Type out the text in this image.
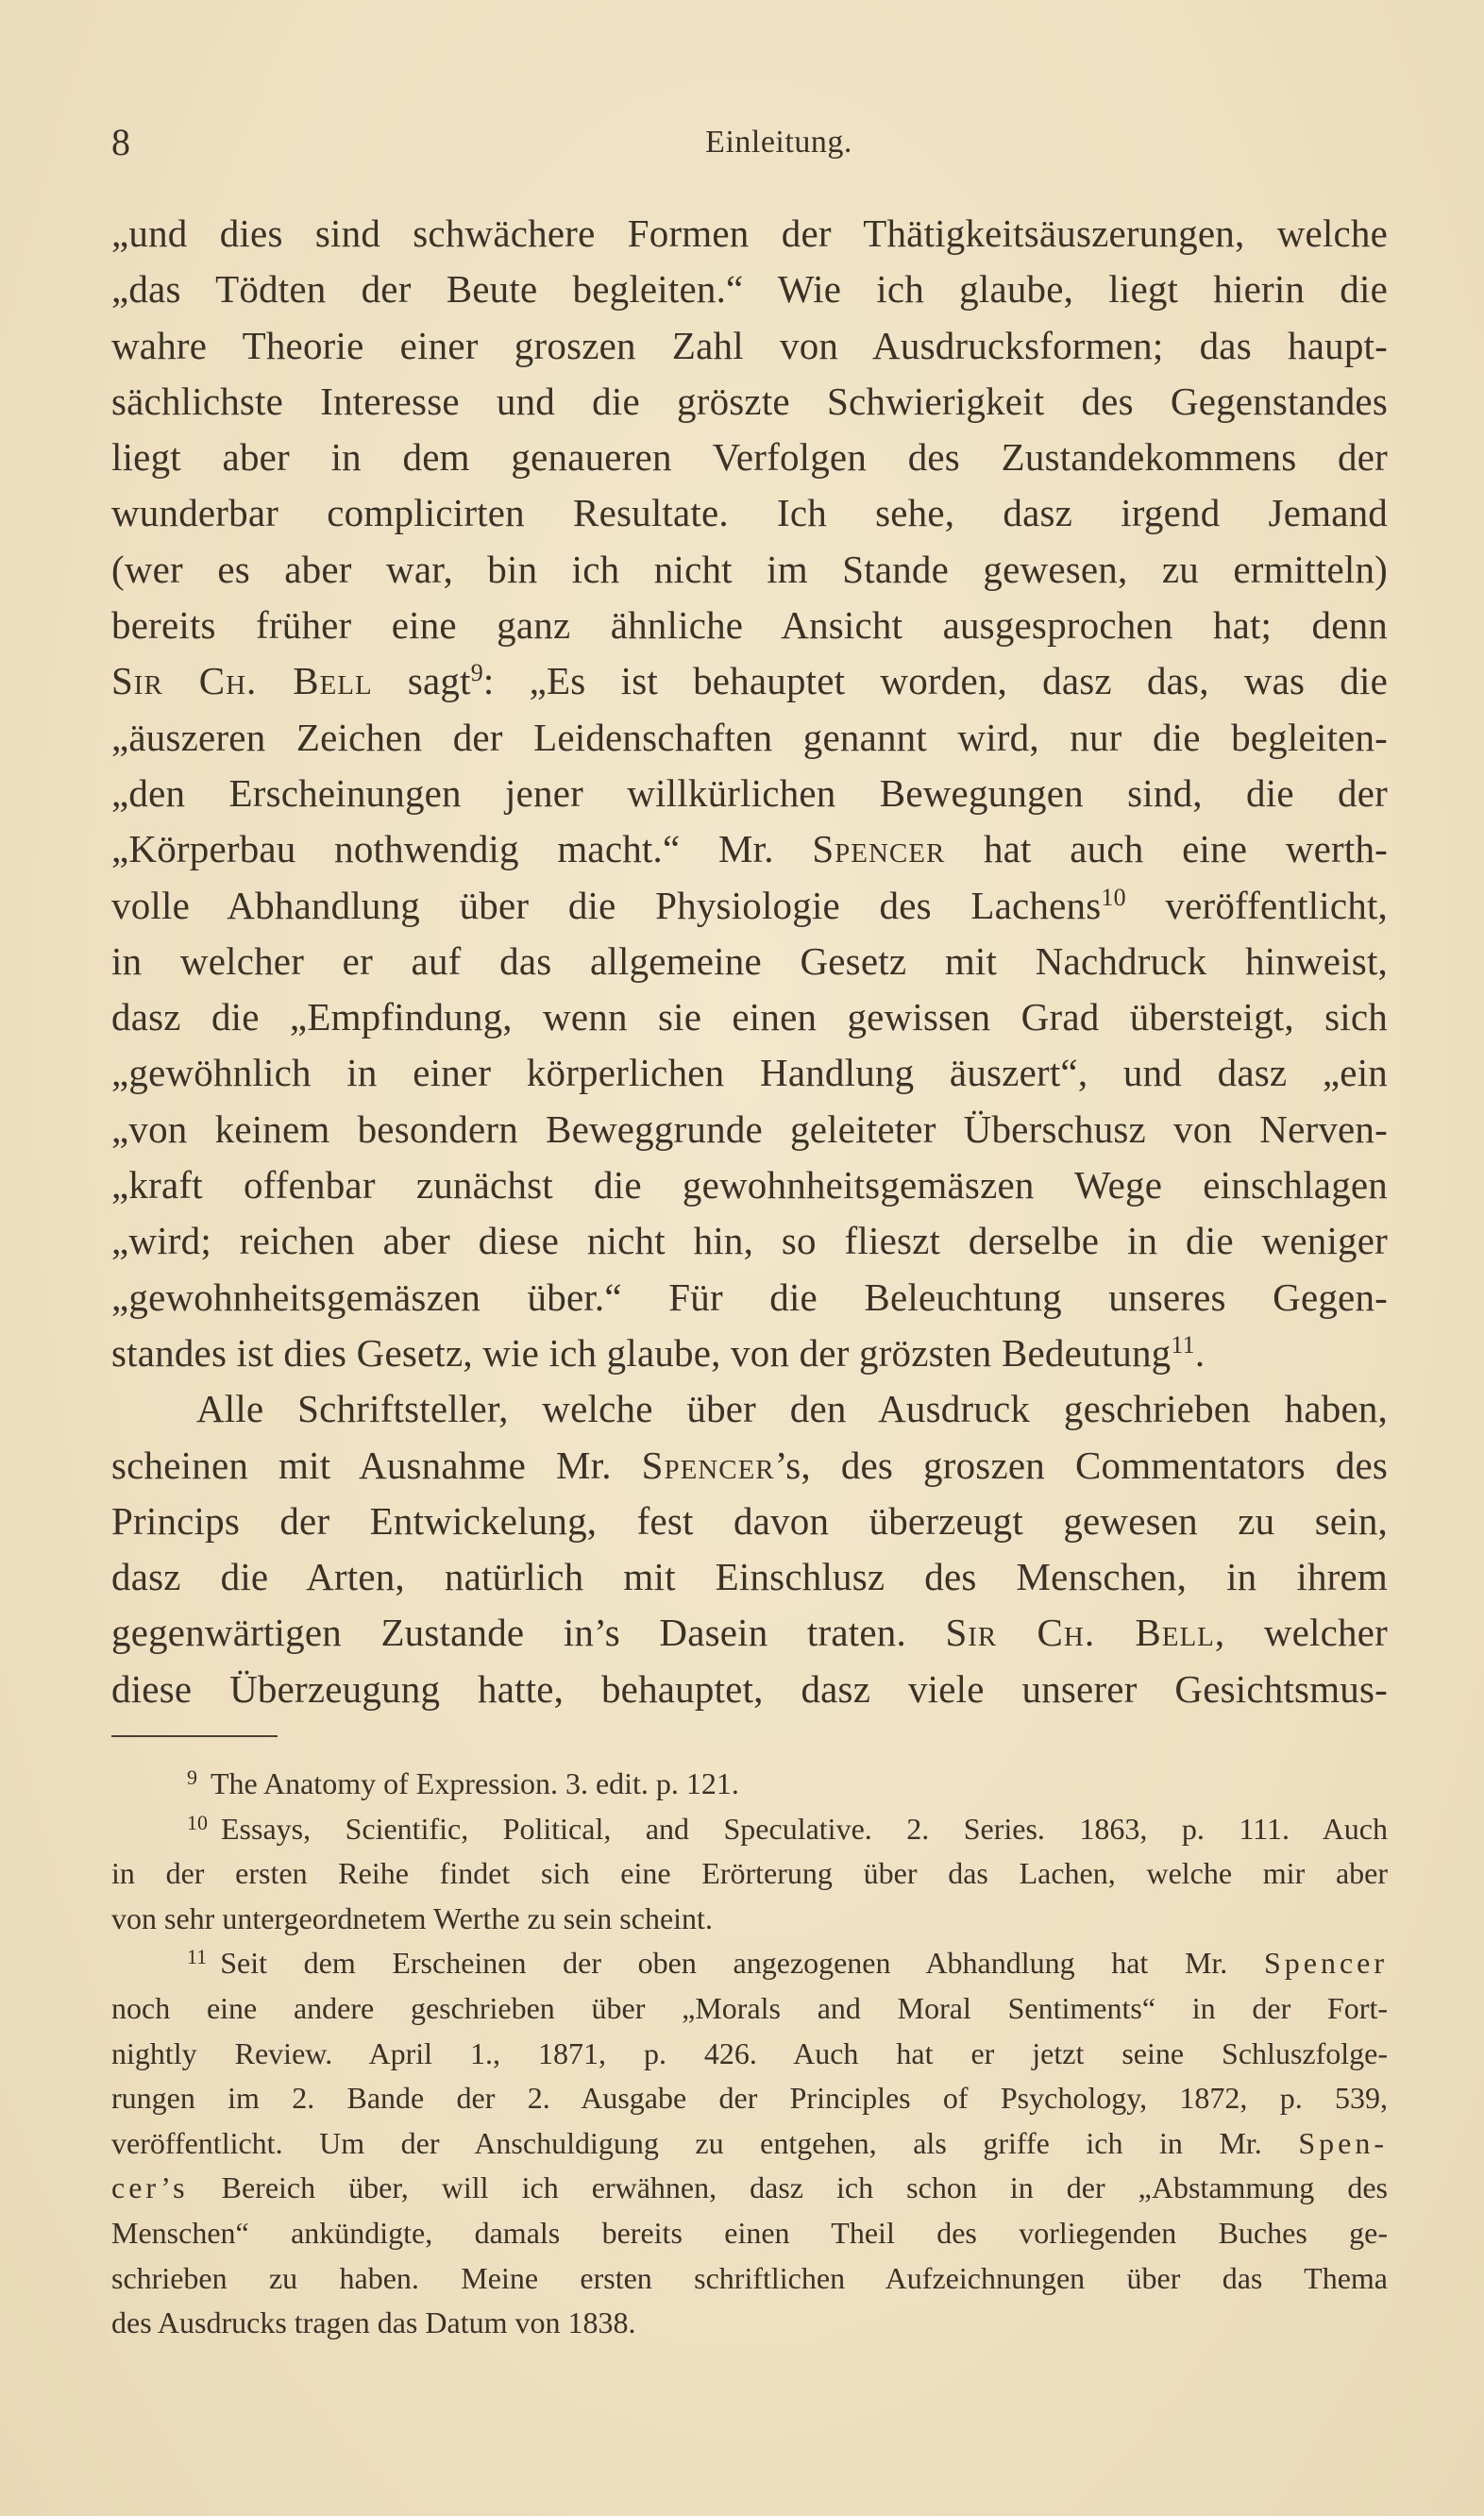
8	Einleitung.
„und dies sind schwächere Formen der Thätigkeitsäuszerungen, welche
„das Tödten der Beute begleiten.“ Wie ich glaube, liegt hierin die
wahre Theorie einer groszen Zahl von Ausdrucksformen; das haupt-
sächlichste Interesse und die gröszte Schwierigkeit des Gegenstandes
liegt aber in dem genaueren Verfolgen des Zustandekommens der
wunderbar complicirten Resultate. Ich sehe, dasz irgend Jemand
(wer es aber war, bin ich nicht im Stande gewesen, zu ermitteln)
bereits früher eine ganz ähnliche Ansicht ausgesprochen hat; denn
Sir Ch. Bell sagt$^9$: „Es ist behauptet worden, dasz das, was die
„äuszeren Zeichen der Leidenschaften genannt wird, nur die begleiten-
„den Erscheinungen jener willkürlichen Bewegungen sind, die der
„Körperbau nothwendig macht.“ Mr. Spencer hat auch eine werth-
volle Abhandlung über die Physiologie des Lachens$^{10}$ veröffentlicht,
in welcher er auf das allgemeine Gesetz mit Nachdruck hinweist,
dasz die „Empfindung, wenn sie einen gewissen Grad übersteigt, sich
„gewöhnlich in einer körperlichen Handlung äuszert“, und dasz „ein
„von keinem besondern Beweggrunde geleiteter Überschusz von Nerven-
„kraft offenbar zunächst die gewohnheitsgemäszen Wege einschlagen
„wird; reichen aber diese nicht hin, so flieszt derselbe in die weniger
„gewohnheitsgemäszen über.“ Für die Beleuchtung unseres Gegen-
standes ist dies Gesetz, wie ich glaube, von der grözsten Bedeutung$^{11}$.
Alle Schriftsteller, welche über den Ausdruck geschrieben haben,
scheinen mit Ausnahme Mr. Spencer’s, des groszen Commentators des
Princips der Entwickelung, fest davon überzeugt gewesen zu sein,
dasz die Arten, natürlich mit Einschlusz des Menschen, in ihrem
gegenwärtigen Zustande in’s Dasein traten. Sir Ch. Bell, welcher
diese Überzeugung hatte, behauptet, dasz viele unserer Gesichtsmus-
$^9$ The Anatomy of Expression. 3. edit. p. 121.
$^{10}$ Essays, Scientific, Political, and Speculative. 2. Series. 1863, p. 111. Auch
in der ersten Reihe findet sich eine Erörterung über das Lachen, welche mir aber
von sehr untergeordnetem Werthe zu sein scheint.
$^{11}$ Seit dem Erscheinen der oben angezogenen Abhandlung hat Mr. Spencer
noch eine andere geschrieben über „Morals and Moral Sentiments“ in der Fort-
nightly Review. April 1., 1871, p. 426. Auch hat er jetzt seine Schluszfolge-
rungen im 2. Bande der 2. Ausgabe der Principles of Psychology, 1872, p. 539,
veröffentlicht. Um der Anschuldigung zu entgehen, als griffe ich in Mr. Spen-
cer’s Bereich über, will ich erwähnen, dasz ich schon in der „Abstammung des
Menschen“ ankündigte, damals bereits einen Theil des vorliegenden Buches ge-
schrieben zu haben. Meine ersten schriftlichen Aufzeichnungen über das Thema
des Ausdrucks tragen das Datum von 1838.
